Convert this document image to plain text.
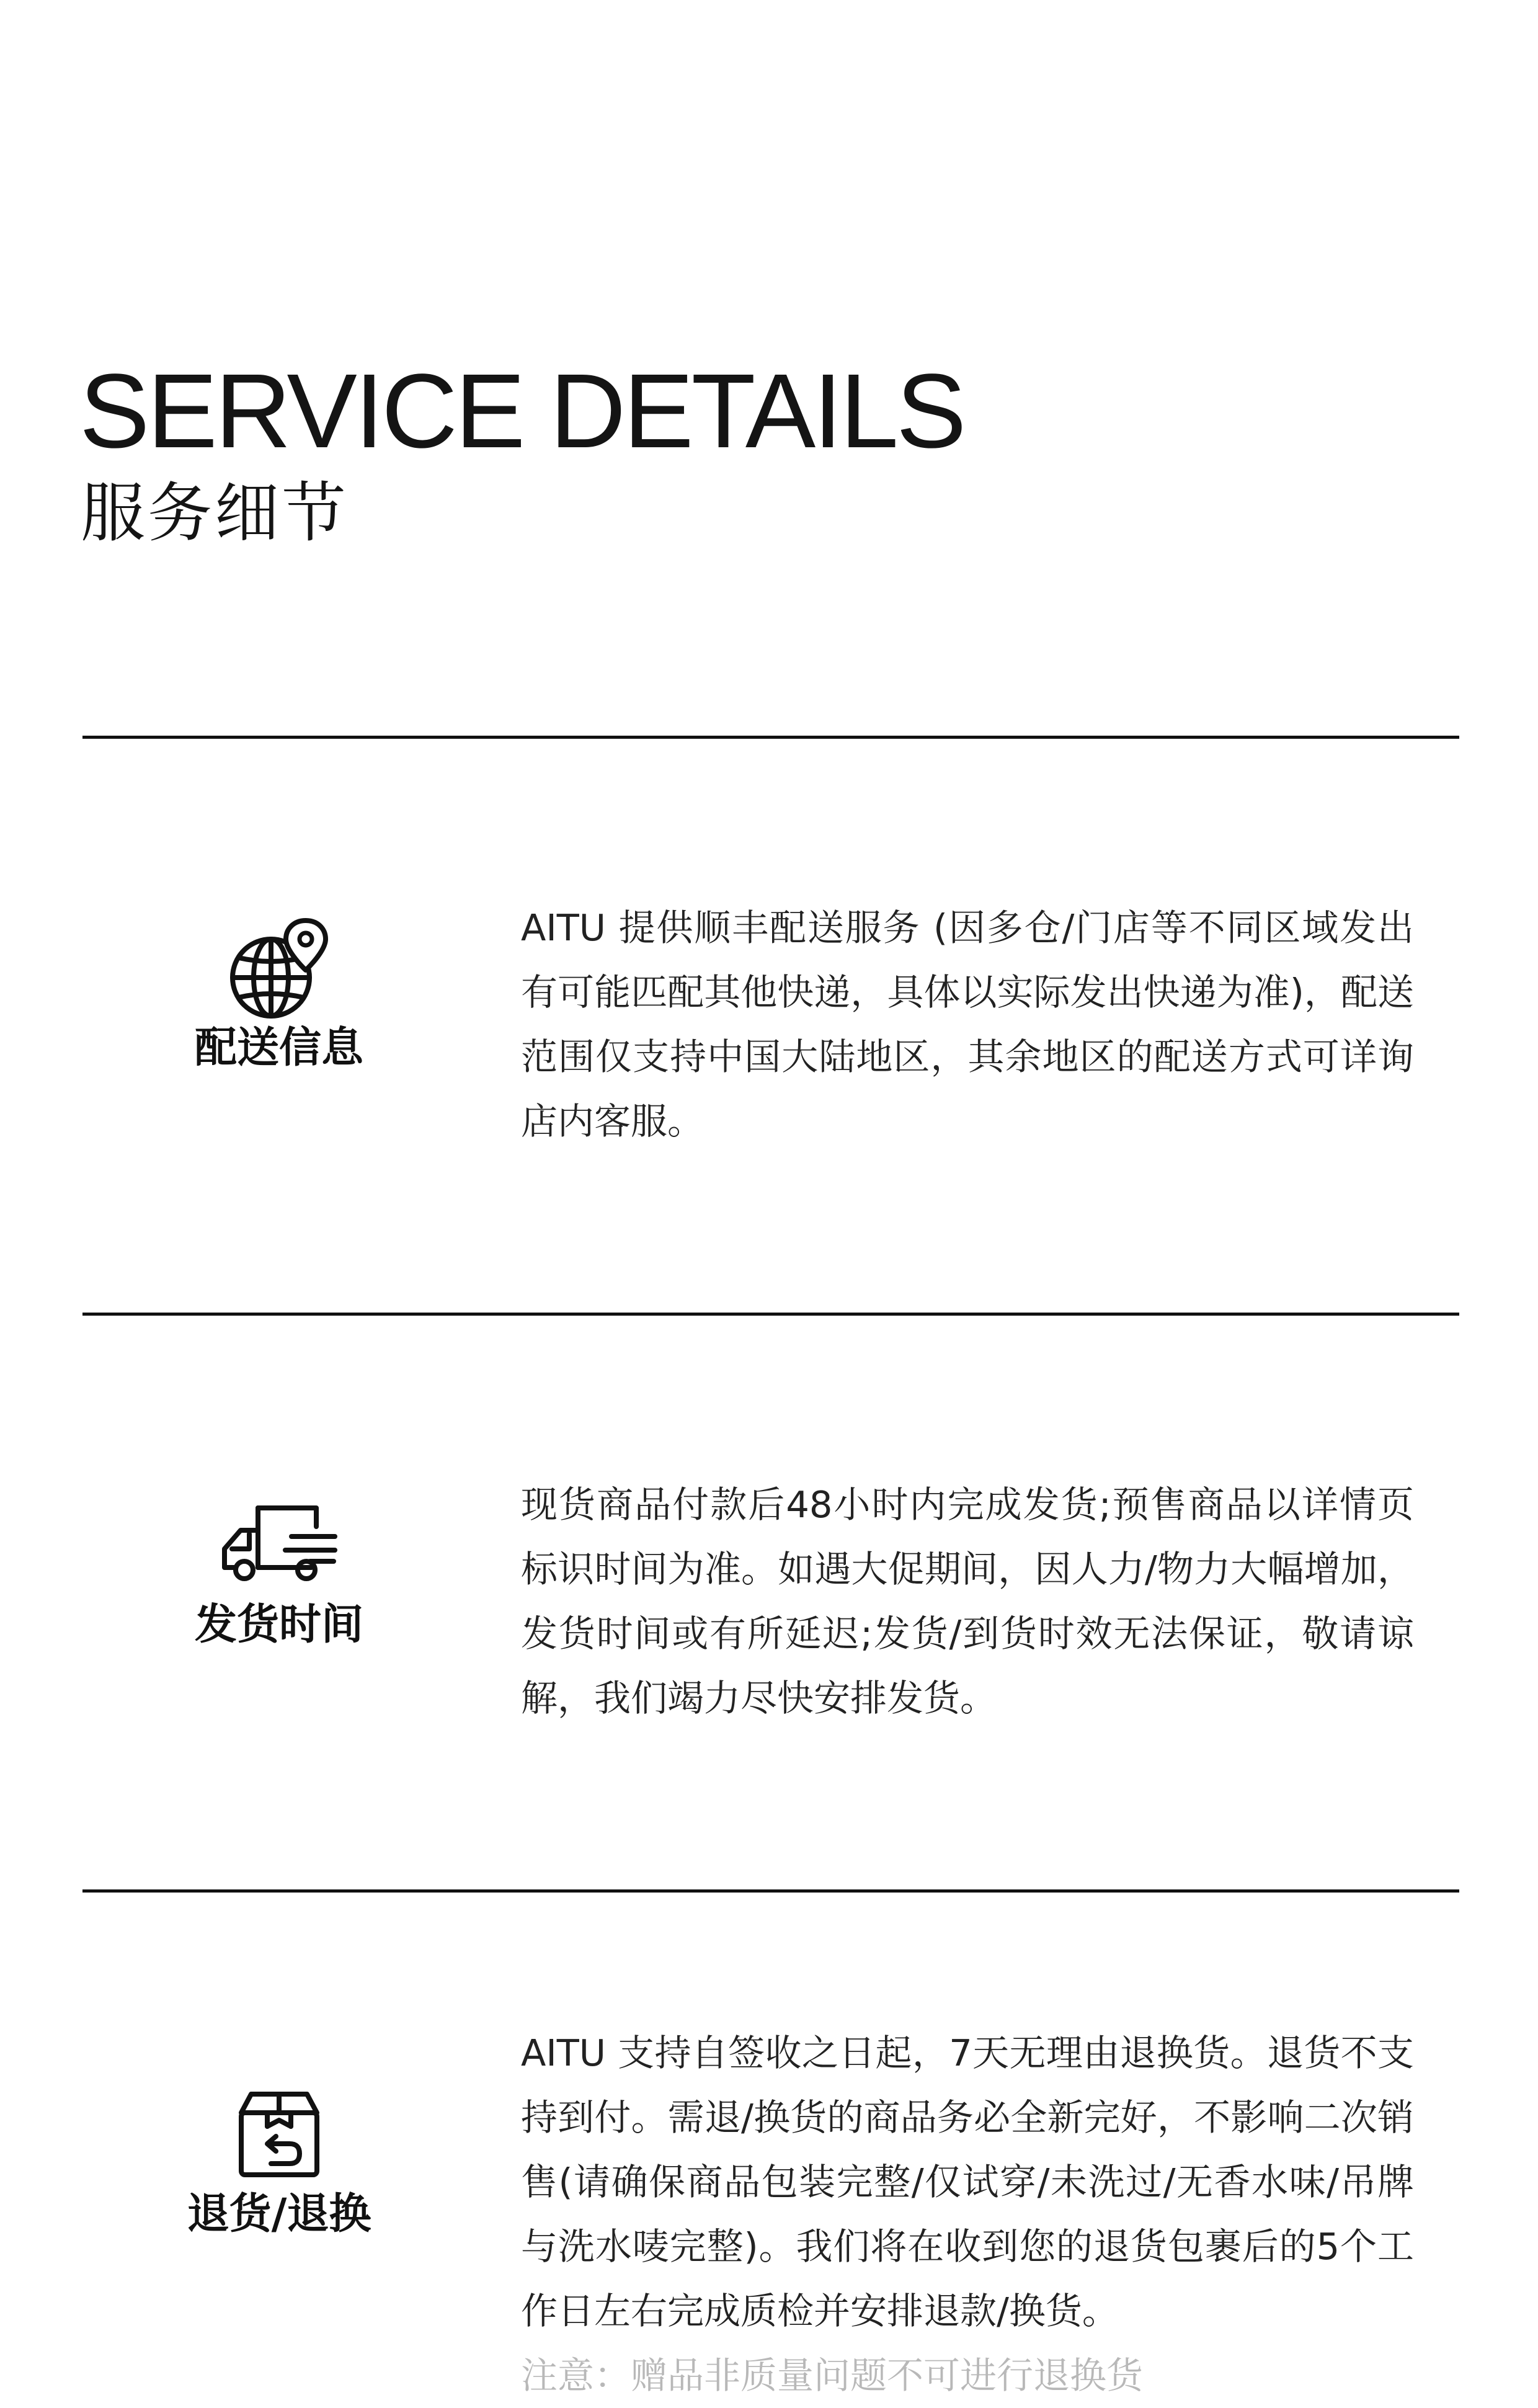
SERVICE DETAILS
服务细节
配送信息

AITU 提供顺丰配送服务 (因多仓/门店等不同区域发出有可能匹配其他快递，具体以实际发出快递为准)，配送范围仅支持中国大陆地区，其余地区的配送方式可详询店内客服。

发货时间

现货商品付款后48小时内完成发货;预售商品以详情页标识时间为准。如遇大促期间，因人力/物力大幅增加，发货时间或有所延迟;发货/到货时效无法保证，敬请谅解，我们竭力尽快安排发货。

退货/退换

AITU 支持自签收之日起，7天无理由退换货。退货不支持到付。需退/换货的商品务必全新完好，不影响二次销售(请确保商品包装完整/仅试穿/未洗过/无香水味/吊牌与洗水唛完整)。我们将在收到您的退货包裹后的5个工作日左右完成质检并安排退款/换货。
注意：赠品非质量问题不可进行退换货
